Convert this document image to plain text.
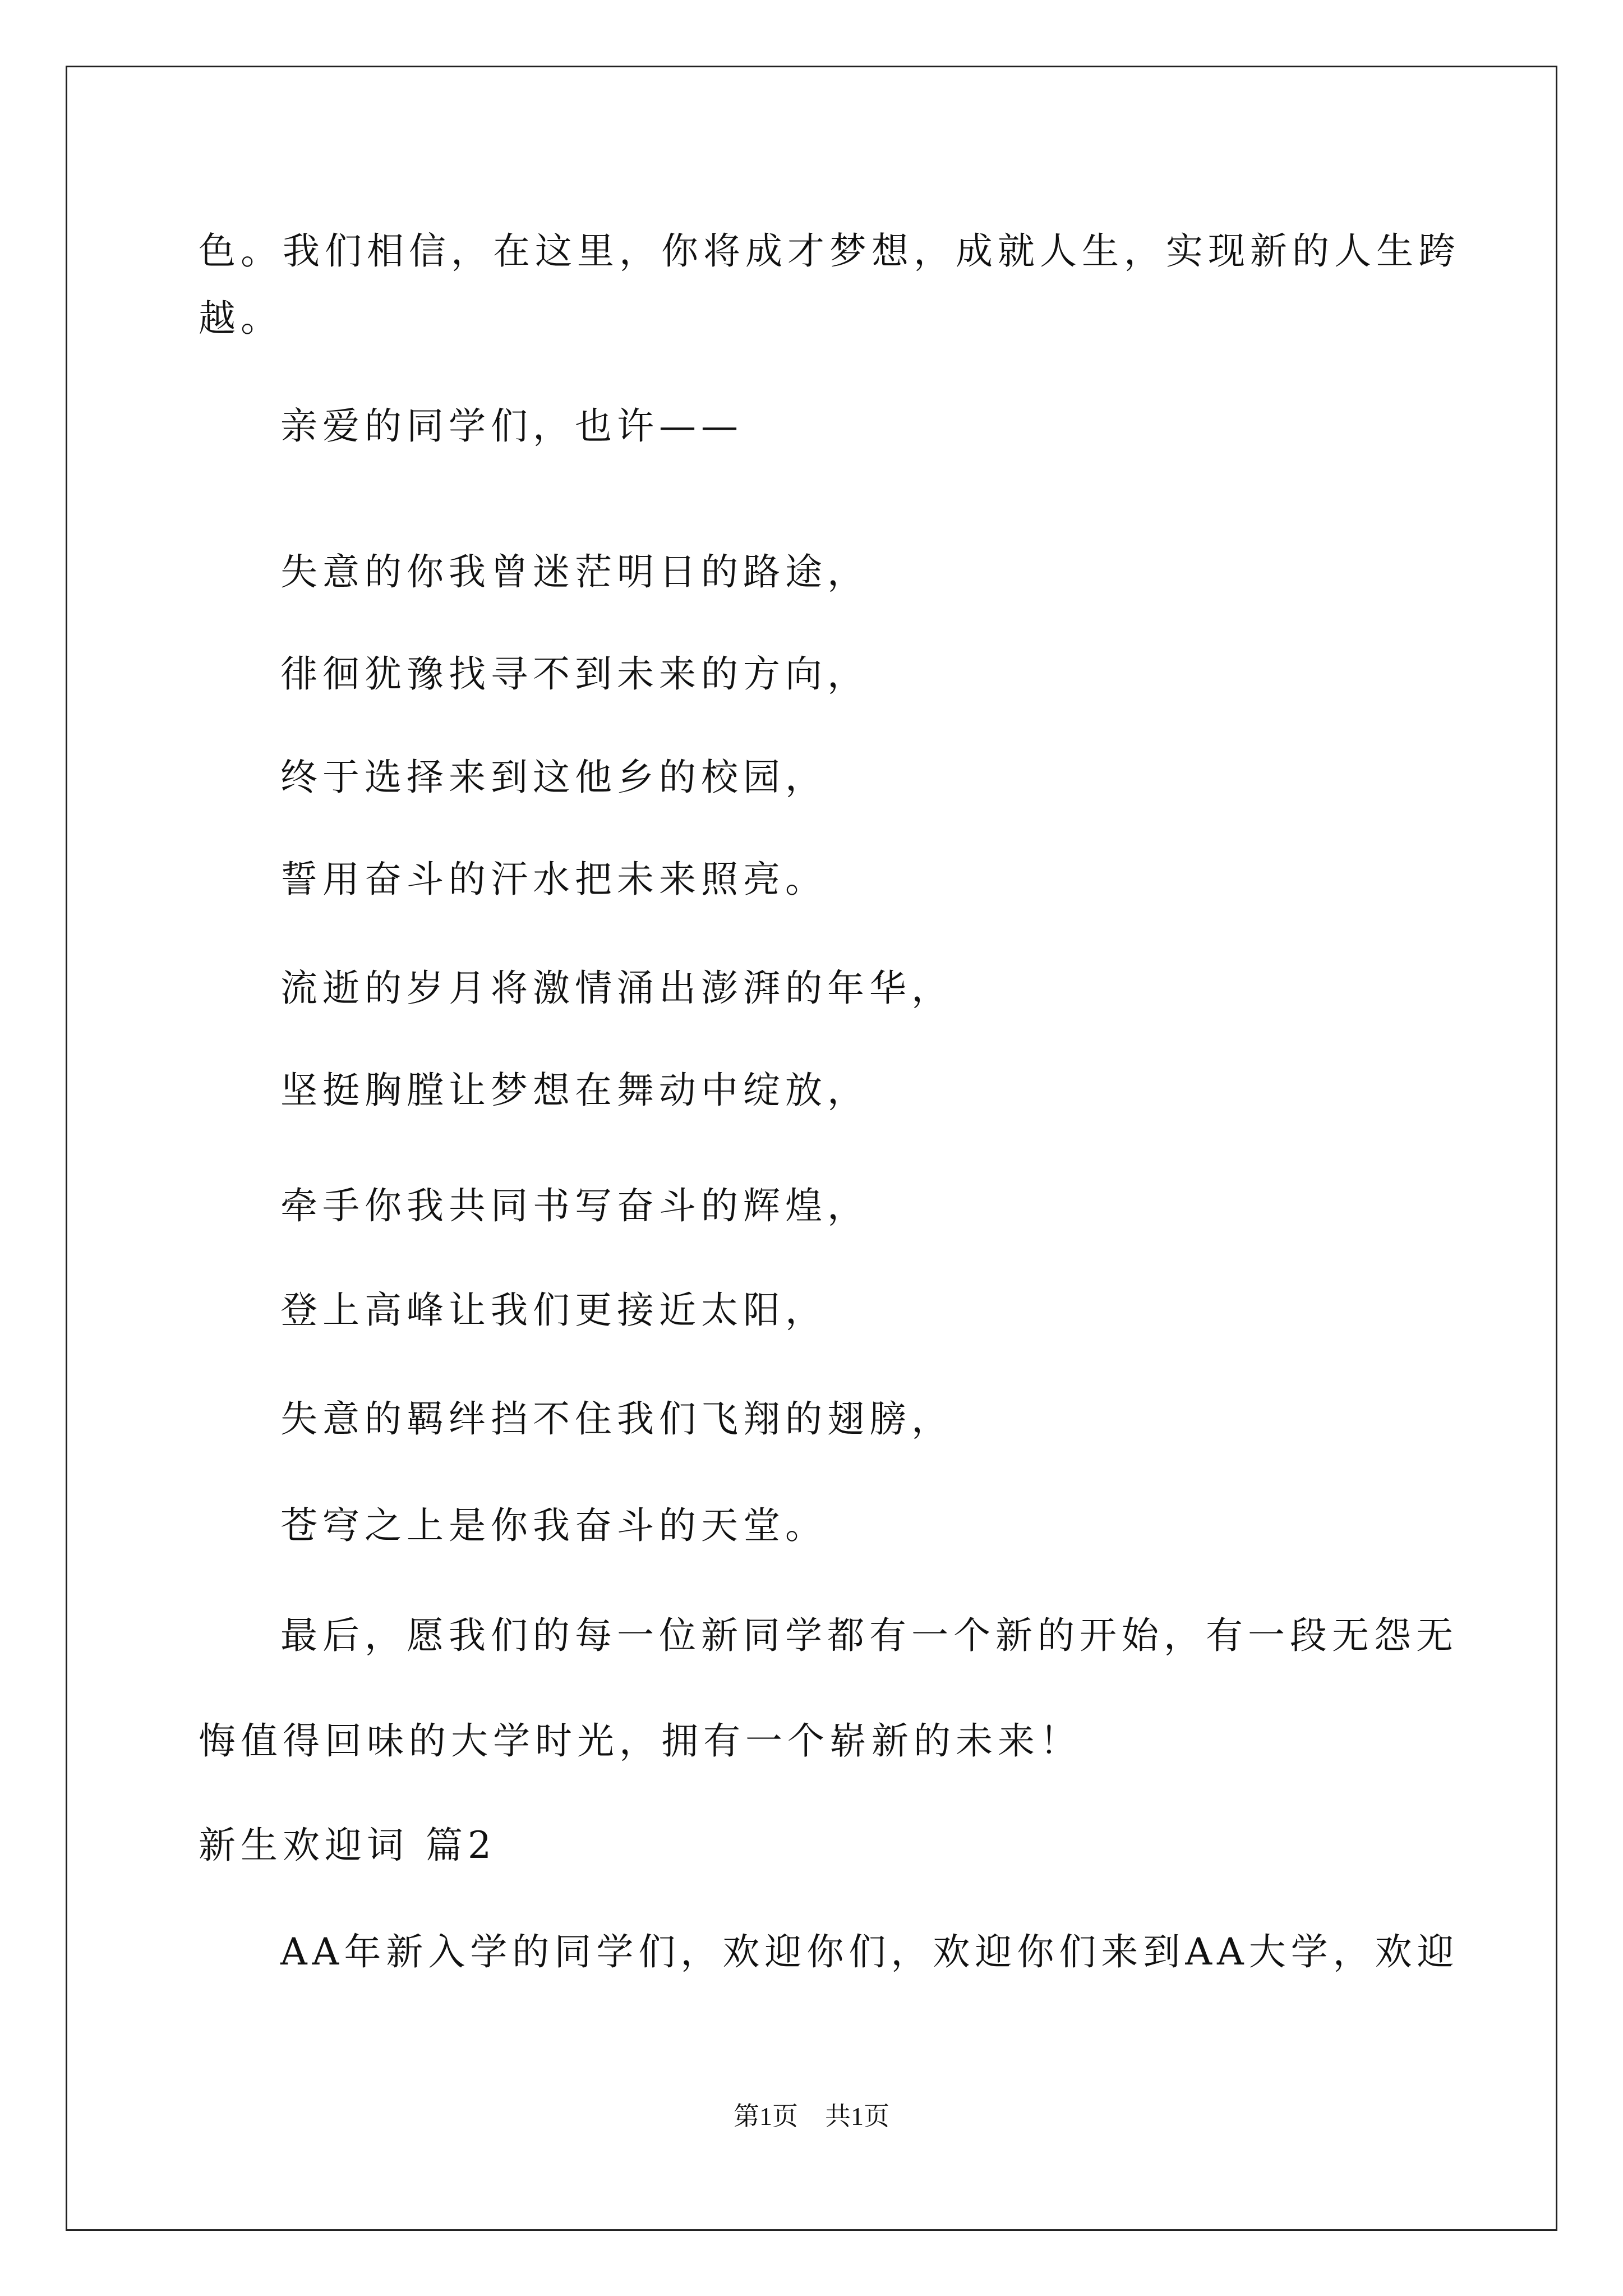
色。我们相信，在这里，你将成才梦想，成就人生，实现新的人生跨
越。
亲爱的同学们，也许——
失意的你我曾迷茫明日的路途，
徘徊犹豫找寻不到未来的方向，
终于选择来到这他乡的校园，
誓用奋斗的汗水把未来照亮。
流逝的岁月将激情涌出澎湃的年华，
坚挺胸膛让梦想在舞动中绽放，
牵手你我共同书写奋斗的辉煌，
登上高峰让我们更接近太阳，
失意的羁绊挡不住我们飞翔的翅膀，
苍穹之上是你我奋斗的天堂。
最后，愿我们的每一位新同学都有一个新的开始，有一段无怨无
悔值得回味的大学时光，拥有一个崭新的未来！
新生欢迎词 篇2
AA年新入学的同学们，欢迎你们，欢迎你们来到AA大学，欢迎
第1页 共1页
